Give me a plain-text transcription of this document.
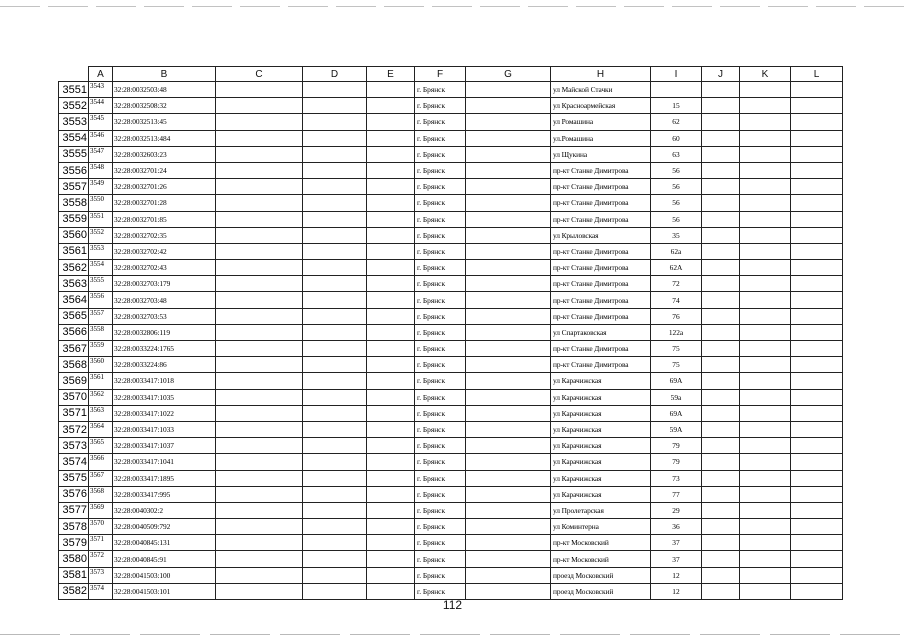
	A	B	C	D	E	F	G	H	I	J	K	L
3551	3543	32:28:0032503:48				г. Брянск		ул Майской Стачки				
3552	3544	32:28:0032508:32				г. Брянск		ул Красноармейская	15			
3553	3545	32:28:0032513:45				г. Брянск		ул Ромашина	62			
3554	3546	32:28:0032513:484				г. Брянск		ул.Ромашина	60			
3555	3547	32:28:0032603:23				г. Брянск		ул Щукина	63			
3556	3548	32:28:0032701:24				г. Брянск		пр-кт Станке Димитрова	56			
3557	3549	32:28:0032701:26				г. Брянск		пр-кт Станке Димитрова	56			
3558	3550	32:28:0032701:28				г. Брянск		пр-кт Станке Димитрова	56			
3559	3551	32:28:0032701:85				г. Брянск		пр-кт Станке Димитрова	56			
3560	3552	32:28:0032702:35				г. Брянск		ул Крыловская	35			
3561	3553	32:28:0032702:42				г. Брянск		пр-кт Станке Димитрова	62а			
3562	3554	32:28:0032702:43				г. Брянск		пр-кт Станке Димитрова	62А			
3563	3555	32:28:0032703:179				г. Брянск		пр-кт Станке Димитрова	72			
3564	3556	32:28:0032703:48				г. Брянск		пр-кт Станке Димитрова	74			
3565	3557	32:28:0032703:53				г. Брянск		пр-кт Станке Димитрова	76			
3566	3558	32:28:0032806:119				г. Брянск		ул Спартаковская	122а			
3567	3559	32:28:0033224:1765				г. Брянск		пр-кт Станке Димитрова	75			
3568	3560	32:28:0033224:86				г. Брянск		пр-кт Станке Димитрова	75			
3569	3561	32:28:0033417:1018				г. Брянск		ул Карачижская	69А			
3570	3562	32:28:0033417:1035				г. Брянск		ул Карачижская	59а			
3571	3563	32:28:0033417:1022				г. Брянск		ул Карачижская	69А			
3572	3564	32:28:0033417:1033				г. Брянск		ул Карачижская	59А			
3573	3565	32:28:0033417:1037				г. Брянск		ул Карачижская	79			
3574	3566	32:28:0033417:1041				г. Брянск		ул Карачижская	79			
3575	3567	32:28:0033417:1895				г. Брянск		ул Карачижская	73			
3576	3568	32:28:0033417:995				г. Брянск		ул Карачижская	77			
3577	3569	32:28:0040302:2				г. Брянск		ул Пролетарская	29			
3578	3570	32:28:0040509:792				г. Брянск		ул Коминтерна	36			
3579	3571	32:28:0040845:131				г. Брянск		пр-кт Московский	37			
3580	3572	32:28:0040845:91				г. Брянск		пр-кт Московский	37			
3581	3573	32:28:0041503:100				г. Брянск		проезд Московский	12			
3582	3574	32:28:0041503:101				г. Брянск		проезд Московский	12			
112
